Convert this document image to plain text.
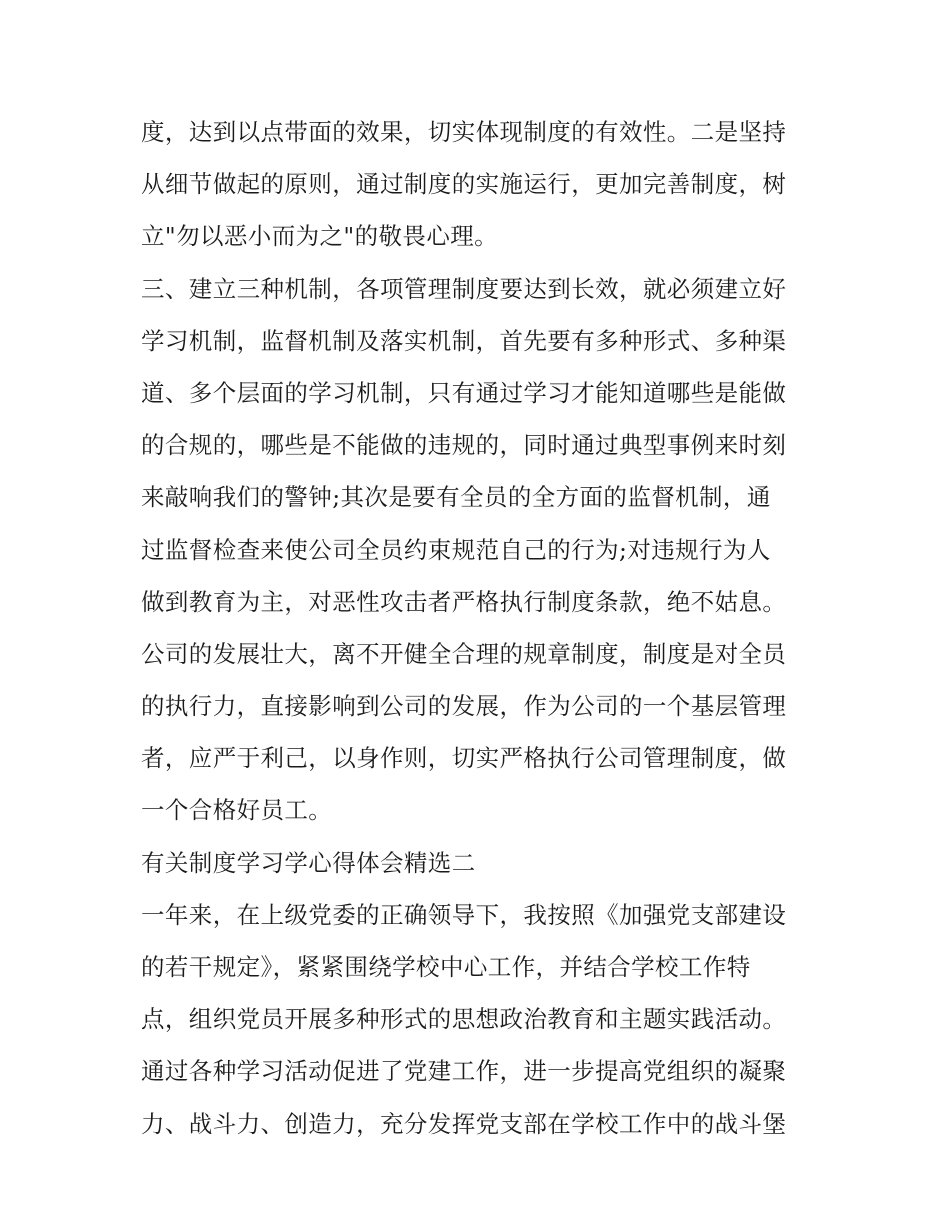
度，达到以点带面的效果，切实体现制度的有效性。二是坚持
从细节做起的原则，通过制度的实施运行，更加完善制度，树
立"勿以恶小而为之"的敬畏心理。
三、建立三种机制，各项管理制度要达到长效，就必须建立好
学习机制，监督机制及落实机制，首先要有多种形式、多种渠
道、多个层面的学习机制，只有通过学习才能知道哪些是能做
的合规的，哪些是不能做的违规的，同时通过典型事例来时刻
来敲响我们的警钟;其次是要有全员的全方面的监督机制，通
过监督检查来使公司全员约束规范自己的行为;对违规行为人
做到教育为主，对恶性攻击者严格执行制度条款，绝不姑息。
公司的发展壮大，离不开健全合理的规章制度，制度是对全员
的执行力，直接影响到公司的发展，作为公司的一个基层管理
者，应严于利己，以身作则，切实严格执行公司管理制度，做
一个合格好员工。
有关制度学习学心得体会精选二
一年来，在上级党委的正确领导下，我按照《加强党支部建设
的若干规定》，紧紧围绕学校中心工作，并结合学校工作特
点，组织党员开展多种形式的思想政治教育和主题实践活动。
通过各种学习活动促进了党建工作，进一步提高党组织的凝聚
力、战斗力、创造力，充分发挥党支部在学校工作中的战斗堡
